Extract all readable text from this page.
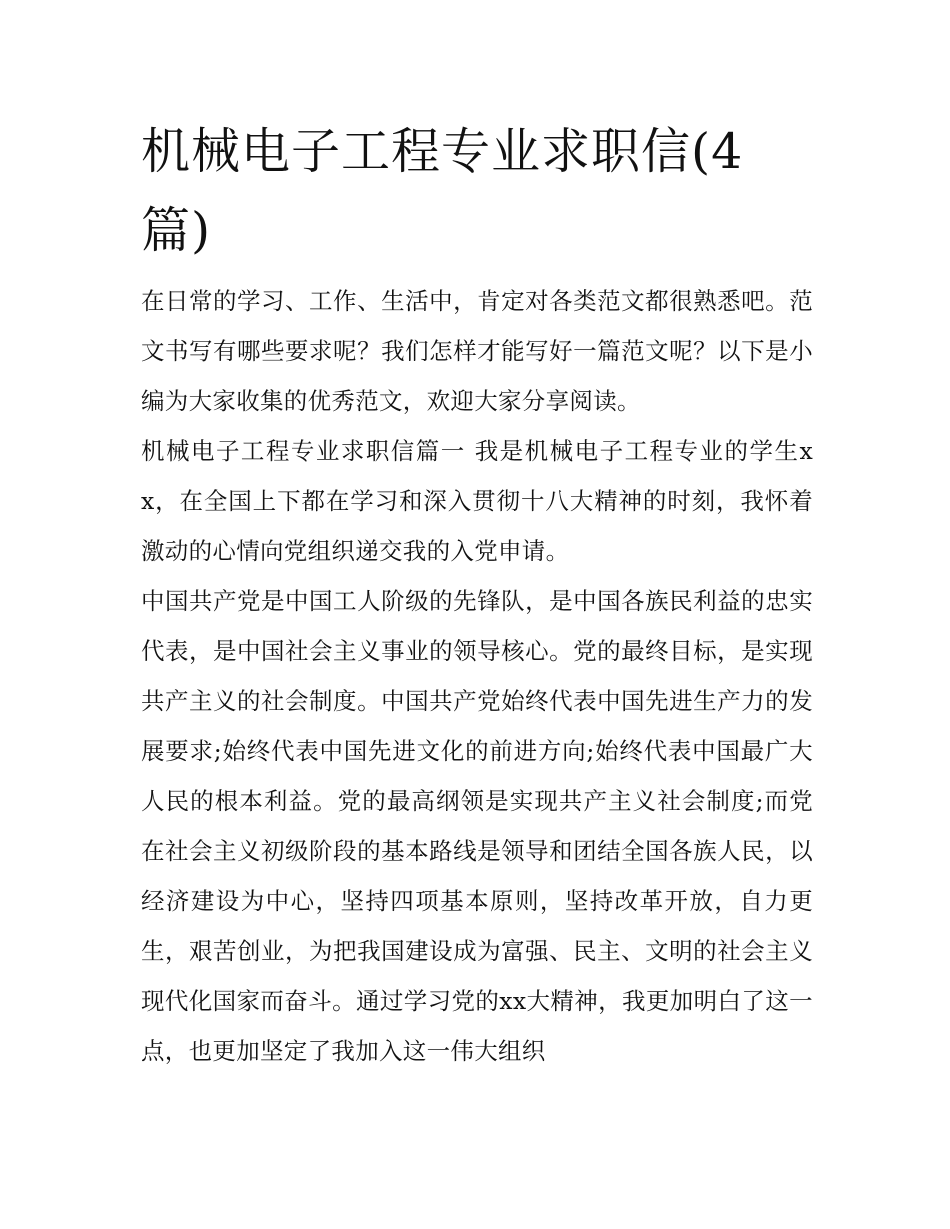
机械电子工程专业求职信(4篇)

在日常的学习、工作、生活中，肯定对各类范文都很熟悉吧。范文书写有哪些要求呢？我们怎样才能写好一篇范文呢？以下是小编为大家收集的优秀范文，欢迎大家分享阅读。

机械电子工程专业求职信篇一 我是机械电子工程专业的学生xx，在全国上下都在学习和深入贯彻十八大精神的时刻，我怀着激动的心情向党组织递交我的入党申请。

中国共产党是中国工人阶级的先锋队，是中国各族民利益的忠实代表，是中国社会主义事业的领导核心。党的最终目标，是实现共产主义的社会制度。中国共产党始终代表中国先进生产力的发展要求;始终代表中国先进文化的前进方向;始终代表中国最广大人民的根本利益。党的最高纲领是实现共产主义社会制度;而党在社会主义初级阶段的基本路线是领导和团结全国各族人民，以经济建设为中心，坚持四项基本原则，坚持改革开放，自力更生，艰苦创业，为把我国建设成为富强、民主、文明的社会主义现代化国家而奋斗。通过学习党的xx大精神，我更加明白了这一点，也更加坚定了我加入这一伟大组织
